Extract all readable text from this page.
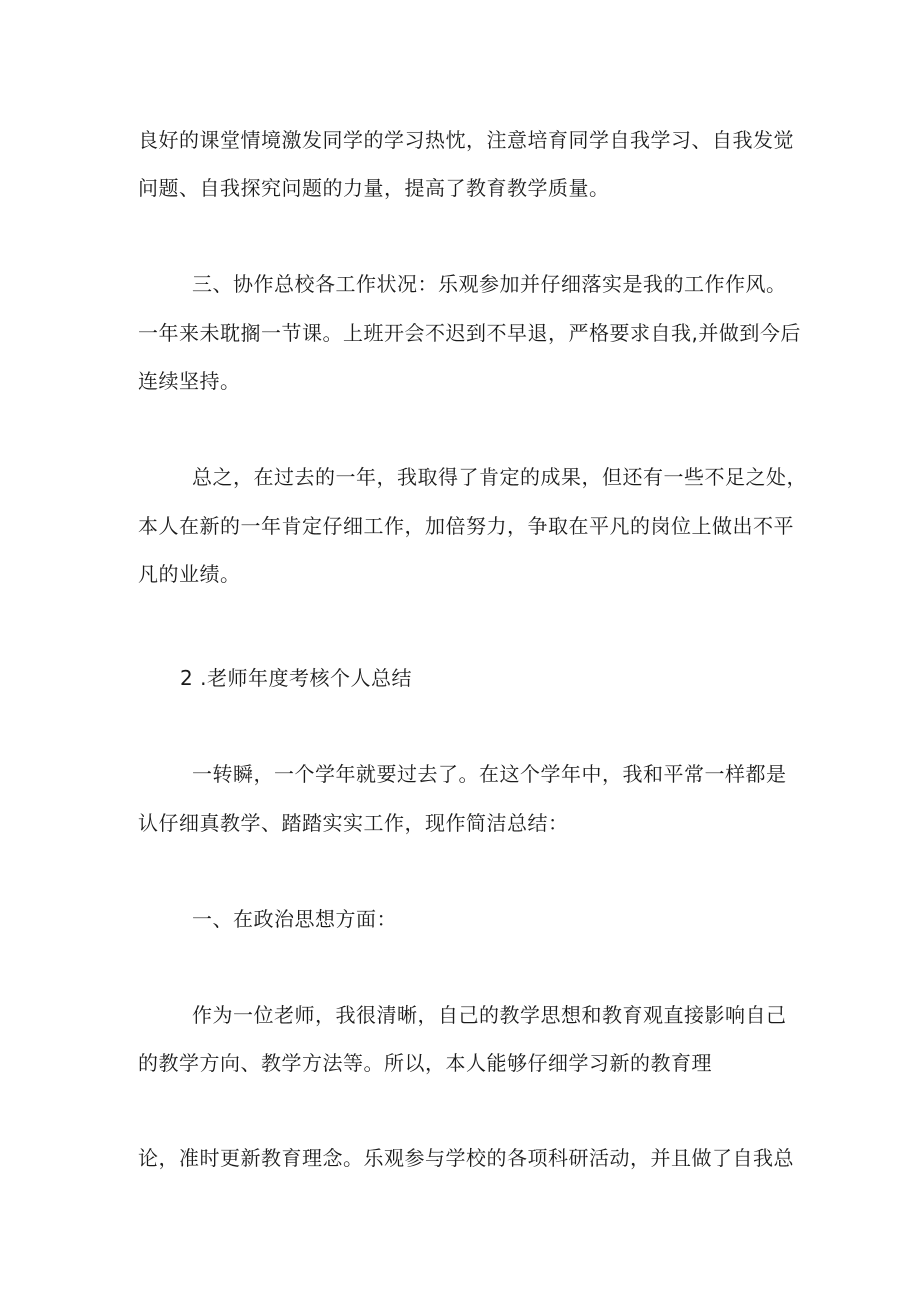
良好的课堂情境激发同学的学习热忱，注意培育同学自我学习、自我发觉
问题、自我探究问题的力量，提高了教育教学质量。
三、协作总校各工作状况：乐观参加并仔细落实是我的工作作风。
一年来未耽搁一节课。上班开会不迟到不早退，严格要求自我,并做到今后
连续坚持。
总之，在过去的一年，我取得了肯定的成果，但还有一些不足之处，
本人在新的一年肯定仔细工作，加倍努力，争取在平凡的岗位上做出不平
凡的业绩。
2 .老师年度考核个人总结
一转瞬，一个学年就要过去了。在这个学年中，我和平常一样都是
认仔细真教学、踏踏实实工作，现作简洁总结：
一、在政治思想方面：
作为一位老师，我很清晰，自己的教学思想和教育观直接影响自己
的教学方向、教学方法等。所以，本人能够仔细学习新的教育理
论，准时更新教育理念。乐观参与学校的各项科研活动，并且做了自我总
